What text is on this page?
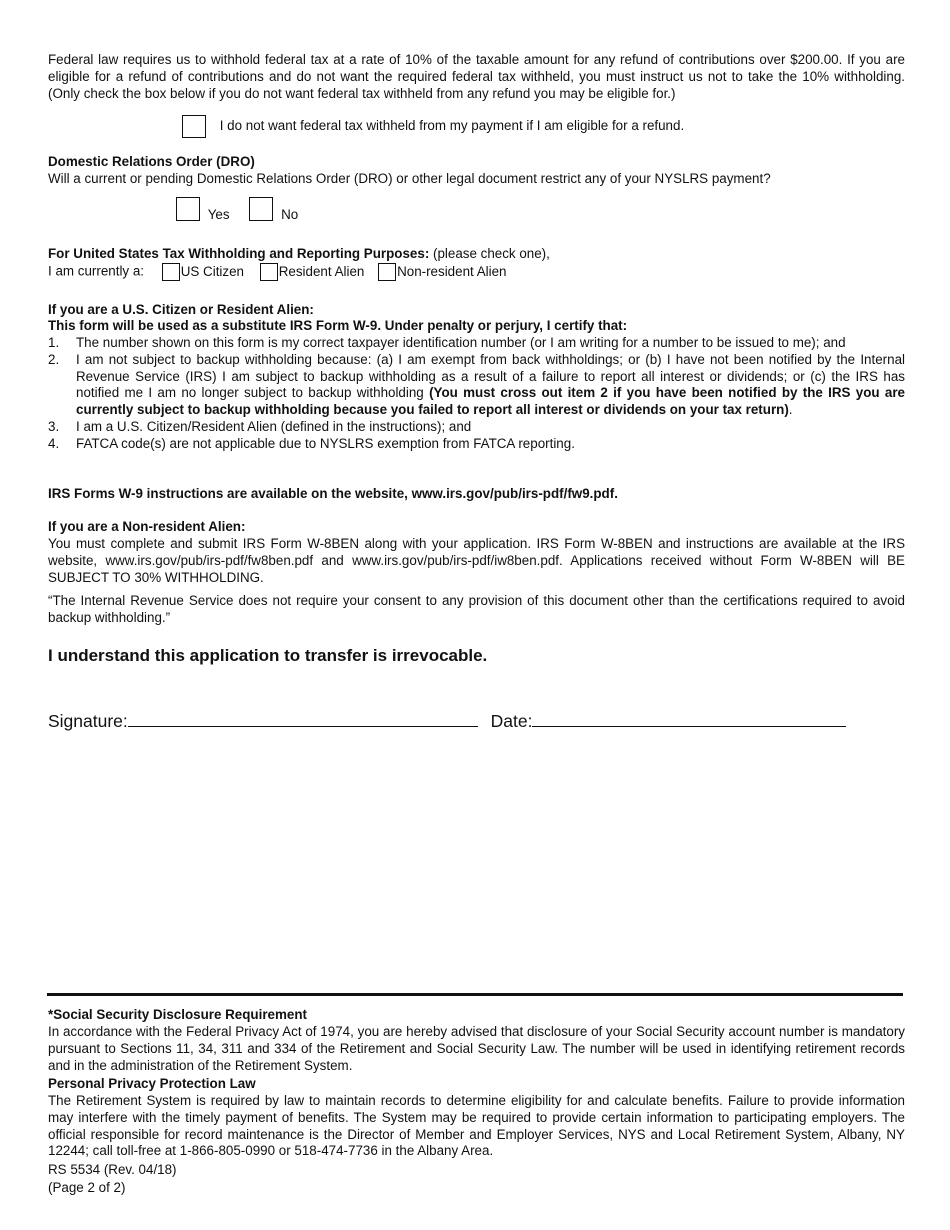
Federal law requires us to withhold federal tax at a rate of 10% of the taxable amount for any refund of contributions over $200.00. If you are eligible for a refund of contributions and do not want the required federal tax withheld, you must instruct us not to take the 10% withholding. (Only check the box below if you do not want federal tax withheld from any refund you may be eligible for.)
I do not want federal tax withheld from my payment if I am eligible for a refund.
Domestic Relations Order (DRO)
Will a current or pending Domestic Relations Order (DRO) or other legal document restrict any of your NYSLRS payment?
Yes	No
For United States Tax Withholding and Reporting Purposes: (please check one),
I am currently a:	US Citizen	Resident Alien Non-resident Alien
If you are a U.S. Citizen or Resident Alien:
This form will be used as a substitute IRS Form W-9. Under penalty or perjury, I certify that:
1. The number shown on this form is my correct taxpayer identification number (or I am writing for a number to be issued to me); and
2. I am not subject to backup withholding because: (a) I am exempt from back withholdings; or (b) I have not been notified by the Internal Revenue Service (IRS) I am subject to backup withholding as a result of a failure to report all interest or dividends; or (c) the IRS has notified me I am no longer subject to backup withholding (You must cross out item 2 if you have been notified by the IRS you are currently subject to backup withholding because you failed to report all interest or dividends on your tax return).
3. I am a U.S. Citizen/Resident Alien (defined in the instructions); and
4. FATCA code(s) are not applicable due to NYSLRS exemption from FATCA reporting.
IRS Forms W-9 instructions are available on the website, www.irs.gov/pub/irs-pdf/fw9.pdf.
If you are a Non-resident Alien:
You must complete and submit IRS Form W-8BEN along with your application. IRS Form W-8BEN and instructions are available at the IRS website, www.irs.gov/pub/irs-pdf/fw8ben.pdf and www.irs.gov/pub/irs-pdf/iw8ben.pdf. Applications received without Form W-8BEN will BE SUBJECT TO 30% WITHHOLDING.
“The Internal Revenue Service does not require your consent to any provision of this document other than the certifications required to avoid backup withholding.”
I understand this application to transfer is irrevocable.
Signature:	Date:
*Social Security Disclosure Requirement
In accordance with the Federal Privacy Act of 1974, you are hereby advised that disclosure of your Social Security account number is mandatory pursuant to Sections 11, 34, 311 and 334 of the Retirement and Social Security Law. The number will be used in identifying retirement records and in the administration of the Retirement System.
Personal Privacy Protection Law
The Retirement System is required by law to maintain records to determine eligibility for and calculate benefits. Failure to provide information may interfere with the timely payment of benefits. The System may be required to provide certain information to participating employers. The official responsible for record maintenance is the Director of Member and Employer Services, NYS and Local Retirement System, Albany, NY 12244; call toll-free at 1-866-805-0990 or 518-474-7736 in the Albany Area.
RS 5534 (Rev. 04/18)
(Page 2 of 2)
